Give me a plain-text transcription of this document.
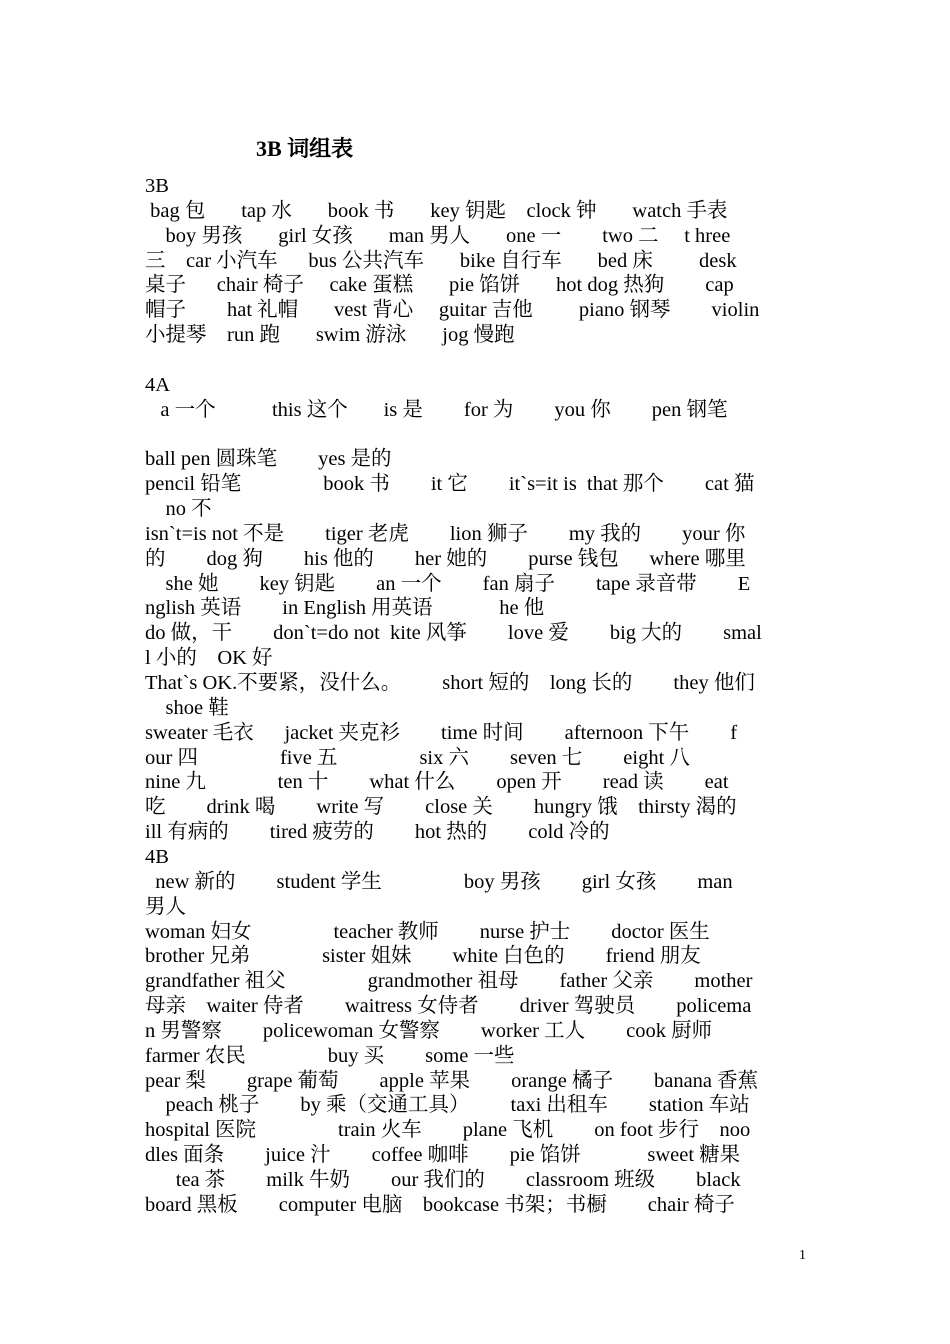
3B 词组表
3B
bag 包       tap 水       book 书       key 钥匙    clock 钟       watch 手表
boy 男孩       girl 女孩       man 男人       one 一        two 二     t hree
三    car 小汽车      bus 公共汽车       bike 自行车       bed 床         desk
桌子      chair 椅子     cake 蛋糕       pie 馅饼       hot dog 热狗        cap
帽子        hat 礼帽       vest 背心     guitar 吉他         piano 钢琴        violin
小提琴    run 跑       swim 游泳       jog 慢跑
4A
a 一个           this 这个       is 是        for 为        you 你        pen 钢笔
ball pen 圆珠笔        yes 是的
pencil 铅笔                book 书        it 它        it`s=it is  that 那个        cat 猫
no 不
isn`t=is not 不是        tiger 老虎        lion 狮子        my 我的        your 你
的        dog 狗        his 他的        her 她的        purse 钱包      where 哪里
she 她        key 钥匙        an 一个        fan 扇子        tape 录音带        E
nglish 英语        in English 用英语             he 他
do 做，干        don`t=do not  kite 风筝        love 爱        big 大的        smal
l 小的    OK 好
That`s OK.不要紧，没什么。        short 短的    long 长的        they 他们
shoe 鞋
sweater 毛衣      jacket 夹克衫        time 时间        afternoon 下午        f
our 四                five 五                six 六        seven 七        eight 八
nine 九              ten 十        what 什么        open 开        read 读        eat
吃        drink 喝        write 写        close 关        hungry 饿    thirsty 渴的
ill 有病的        tired 疲劳的        hot 热的        cold 冷的
4B
new 新的        student 学生                boy 男孩        girl 女孩        man
男人
woman 妇女                teacher 教师        nurse 护士        doctor 医生
brother 兄弟              sister 姐妹        white 白色的        friend 朋友
grandfather 祖父                grandmother 祖母        father 父亲        mother
母亲    waiter 侍者        waitress 女侍者        driver 驾驶员        policema
n 男警察        policewoman 女警察        worker 工人        cook 厨师
farmer 农民                buy 买        some 一些
pear 梨        grape 葡萄        apple 苹果        orange 橘子        banana 香蕉
peach 桃子        by 乘（交通工具）        taxi 出租车        station 车站
hospital 医院                train 火车        plane 飞机        on foot 步行    noo
dles 面条        juice 汁        coffee 咖啡        pie 馅饼             sweet 糖果
tea 茶        milk 牛奶        our 我们的        classroom 班级        black
board 黑板        computer 电脑    bookcase 书架；书橱        chair 椅子
1
